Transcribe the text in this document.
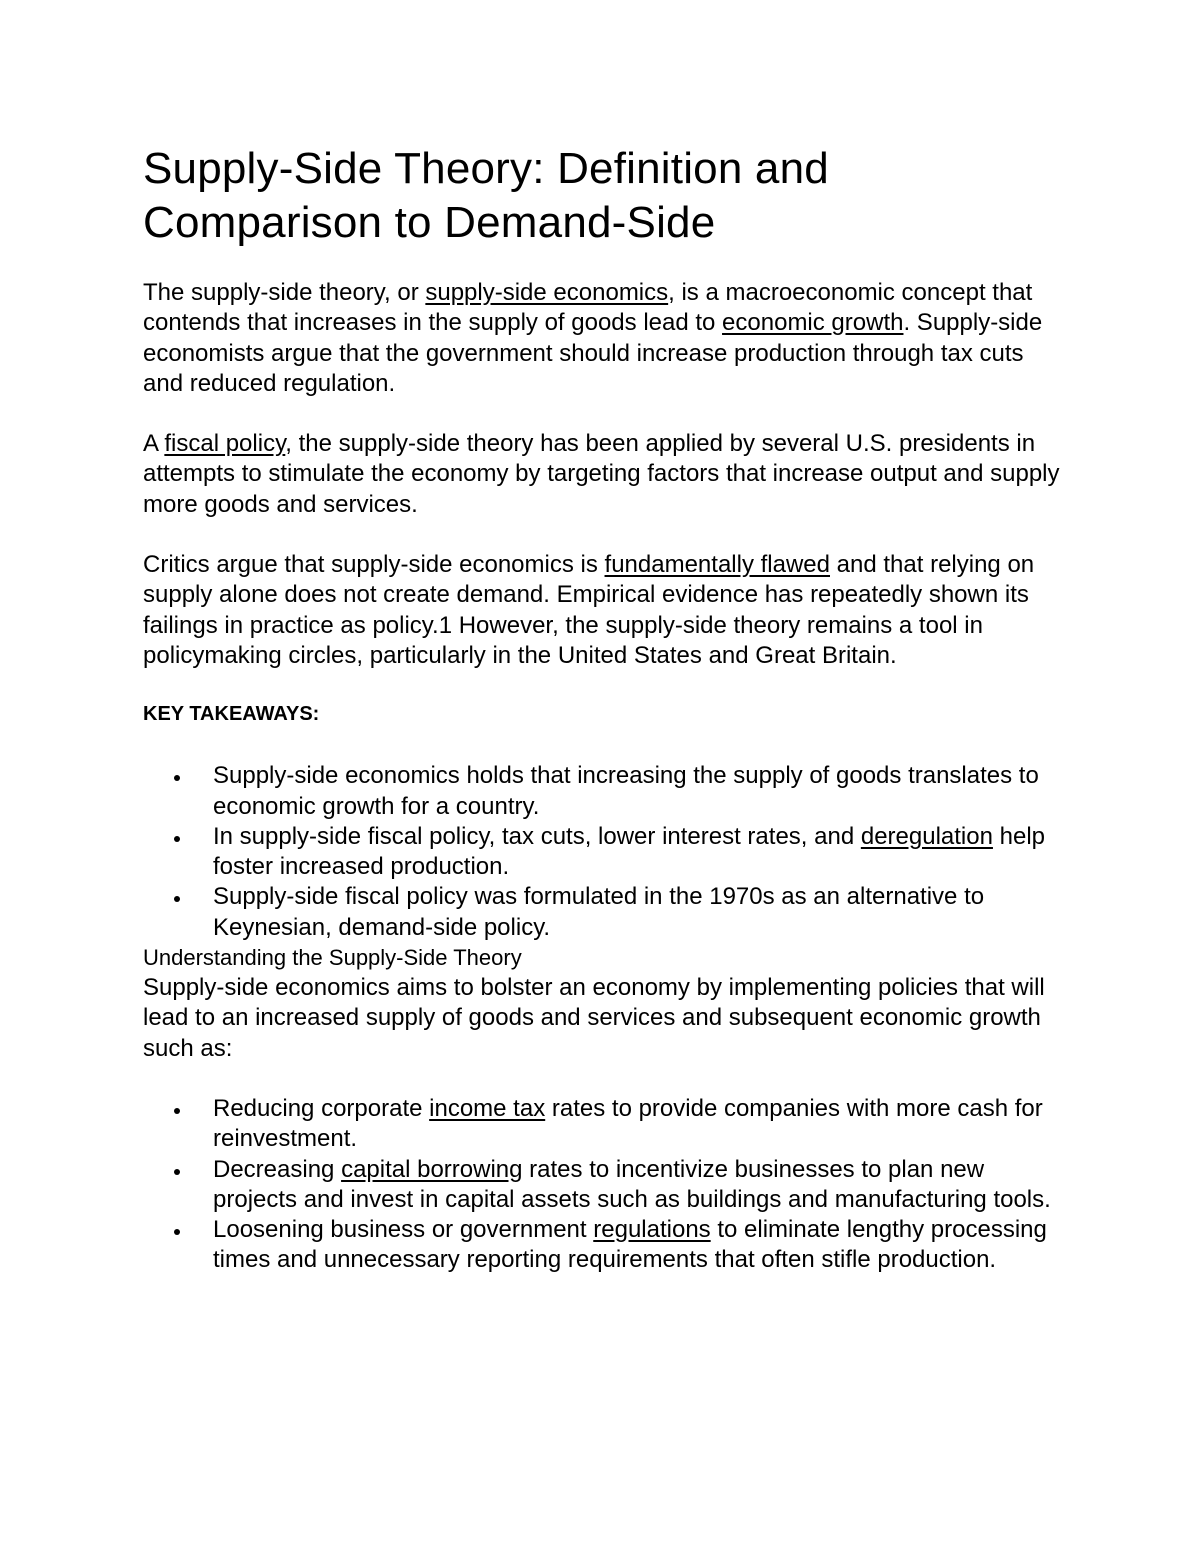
Supply-Side Theory: Definition and Comparison to Demand-Side

The supply-side theory, or supply-side economics, is a macroeconomic concept that contends that increases in the supply of goods lead to economic growth. Supply-side economists argue that the government should increase production through tax cuts and reduced regulation.

A fiscal policy, the supply-side theory has been applied by several U.S. presidents in attempts to stimulate the economy by targeting factors that increase output and supply more goods and services.

Critics argue that supply-side economics is fundamentally flawed and that relying on supply alone does not create demand. Empirical evidence has repeatedly shown its failings in practice as policy.1 However, the supply-side theory remains a tool in policymaking circles, particularly in the United States and Great Britain.

KEY TAKEAWAYS:
Supply-side economics holds that increasing the supply of goods translates to economic growth for a country.
In supply-side fiscal policy, tax cuts, lower interest rates, and deregulation help foster increased production.
Supply-side fiscal policy was formulated in the 1970s as an alternative to Keynesian, demand-side policy.
Understanding the Supply-Side Theory

Supply-side economics aims to bolster an economy by implementing policies that will lead to an increased supply of goods and services and subsequent economic growth such as:

Reducing corporate income tax rates to provide companies with more cash for reinvestment.
Decreasing capital borrowing rates to incentivize businesses to plan new projects and invest in capital assets such as buildings and manufacturing tools.
Loosening business or government regulations to eliminate lengthy processing times and unnecessary reporting requirements that often stifle production.
